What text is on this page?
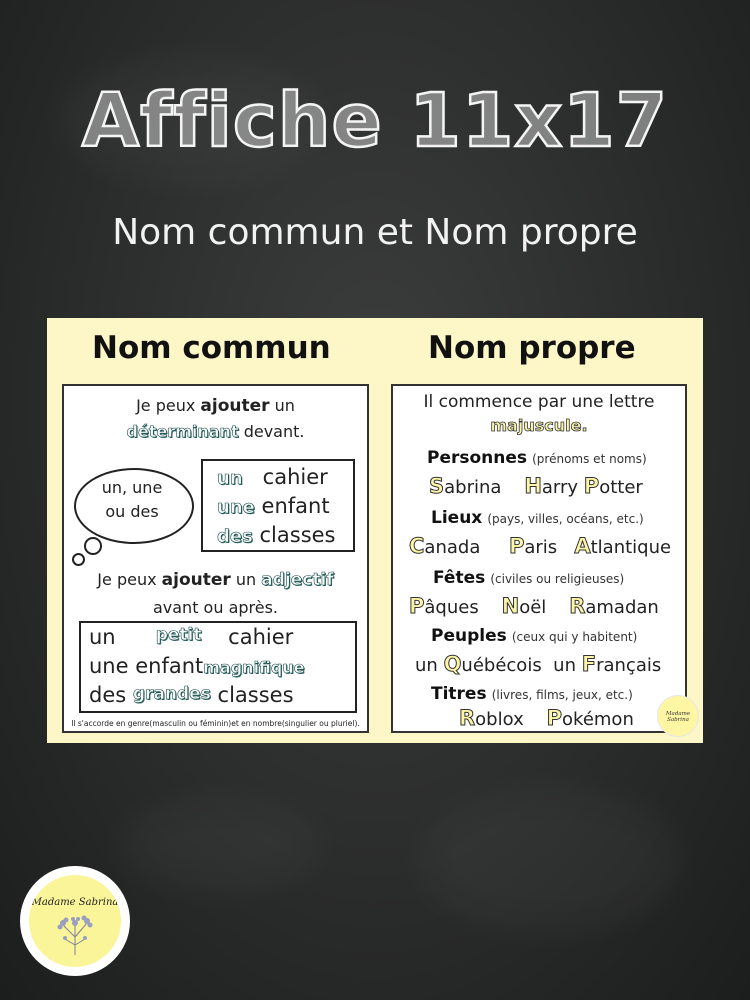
Affiche 11x17
Nom commun et Nom propre
Nom commun
Je peux ajouter un
déterminant devant.
un, une
ou des
un cahier
une enfant
des classes
Je peux ajouter un adjectif
avant ou après.
un petit cahier
une enfantmagnifique
des grandes classes
Il s'accorde en genre(masculin ou féminin)et en nombre(singulier ou pluriel).
Nom propre
Il commence par une lettre
majuscule.
Personnes (prénoms et noms)
Sabrina Harry Potter
Lieux (pays, villes, océans, etc.)
Canada Paris Atlantique
Fêtes (civiles ou religieuses)
Pâques Noël Ramadan
Peuples (ceux qui y habitent)
un Québécois un Français
Titres (livres, films, jeux, etc.)
Roblox Pokémon	Madame Sabrina
Madame Sabrina
